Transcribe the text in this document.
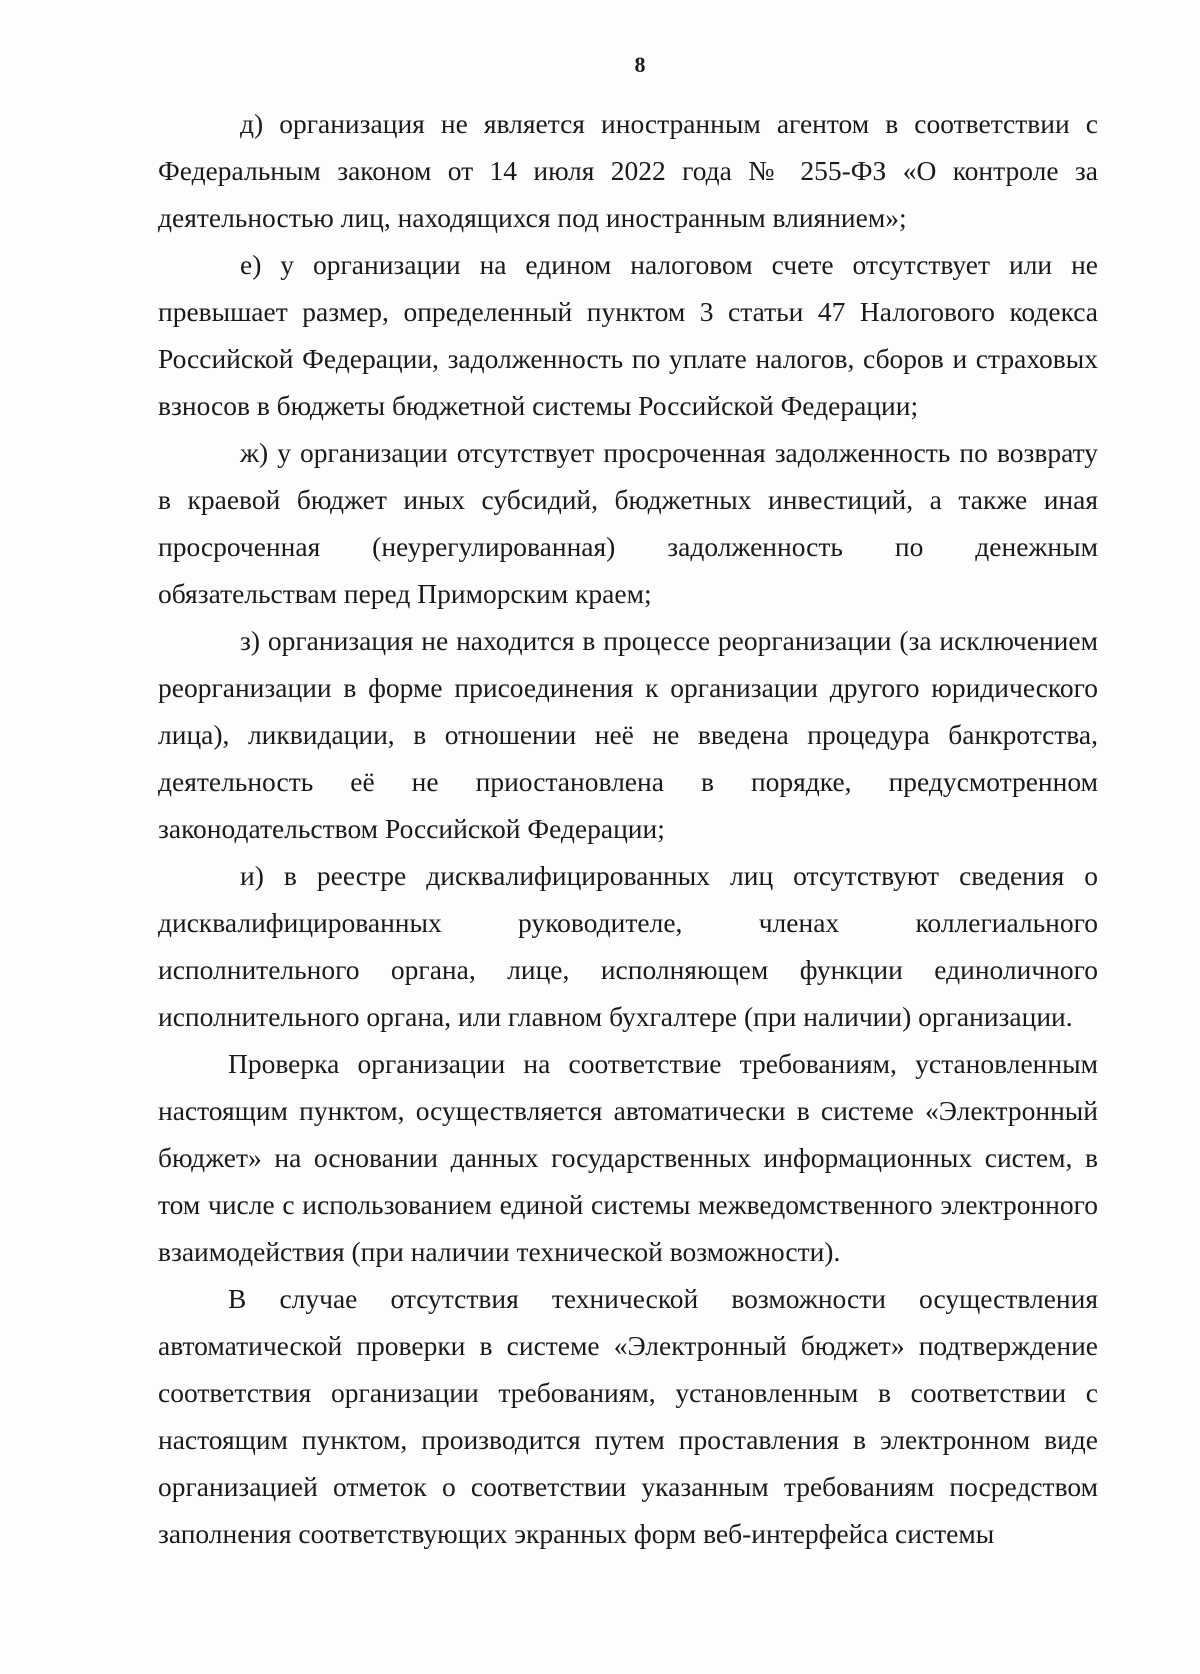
8

д) организация не является иностранным агентом в соответствии с Федеральным законом от 14 июля 2022 года № 255-ФЗ «О контроле за деятельностью лиц, находящихся под иностранным влиянием»;

е) у организации на едином налоговом счете отсутствует или не превышает размер, определенный пунктом 3 статьи 47 Налогового кодекса Российской Федерации, задолженность по уплате налогов, сборов и страховых взносов в бюджеты бюджетной системы Российской Федерации;

ж) у организации отсутствует просроченная задолженность по возврату в краевой бюджет иных субсидий, бюджетных инвестиций, а также иная просроченная (неурегулированная) задолженность по денежным обязательствам перед Приморским краем;

з) организация не находится в процессе реорганизации (за исключением реорганизации в форме присоединения к организации другого юридического лица), ликвидации, в отношении неё не введена процедура банкротства, деятельность её не приостановлена в порядке, предусмотренном законодательством Российской Федерации;

и) в реестре дисквалифицированных лиц отсутствуют сведения о дисквалифицированных руководителе, членах коллегиального исполнительного органа, лице, исполняющем функции единоличного исполнительного органа, или главном бухгалтере (при наличии) организации.

Проверка организации на соответствие требованиям, установленным настоящим пунктом, осуществляется автоматически в системе «Электронный бюджет» на основании данных государственных информационных систем, в том числе с использованием единой системы межведомственного электронного взаимодействия (при наличии технической возможности).

В случае отсутствия технической возможности осуществления автоматической проверки в системе «Электронный бюджет» подтверждение соответствия организации требованиям, установленным в соответствии с настоящим пунктом, производится путем проставления в электронном виде организацией отметок о соответствии указанным требованиям посредством заполнения соответствующих экранных форм веб-интерфейса системы
